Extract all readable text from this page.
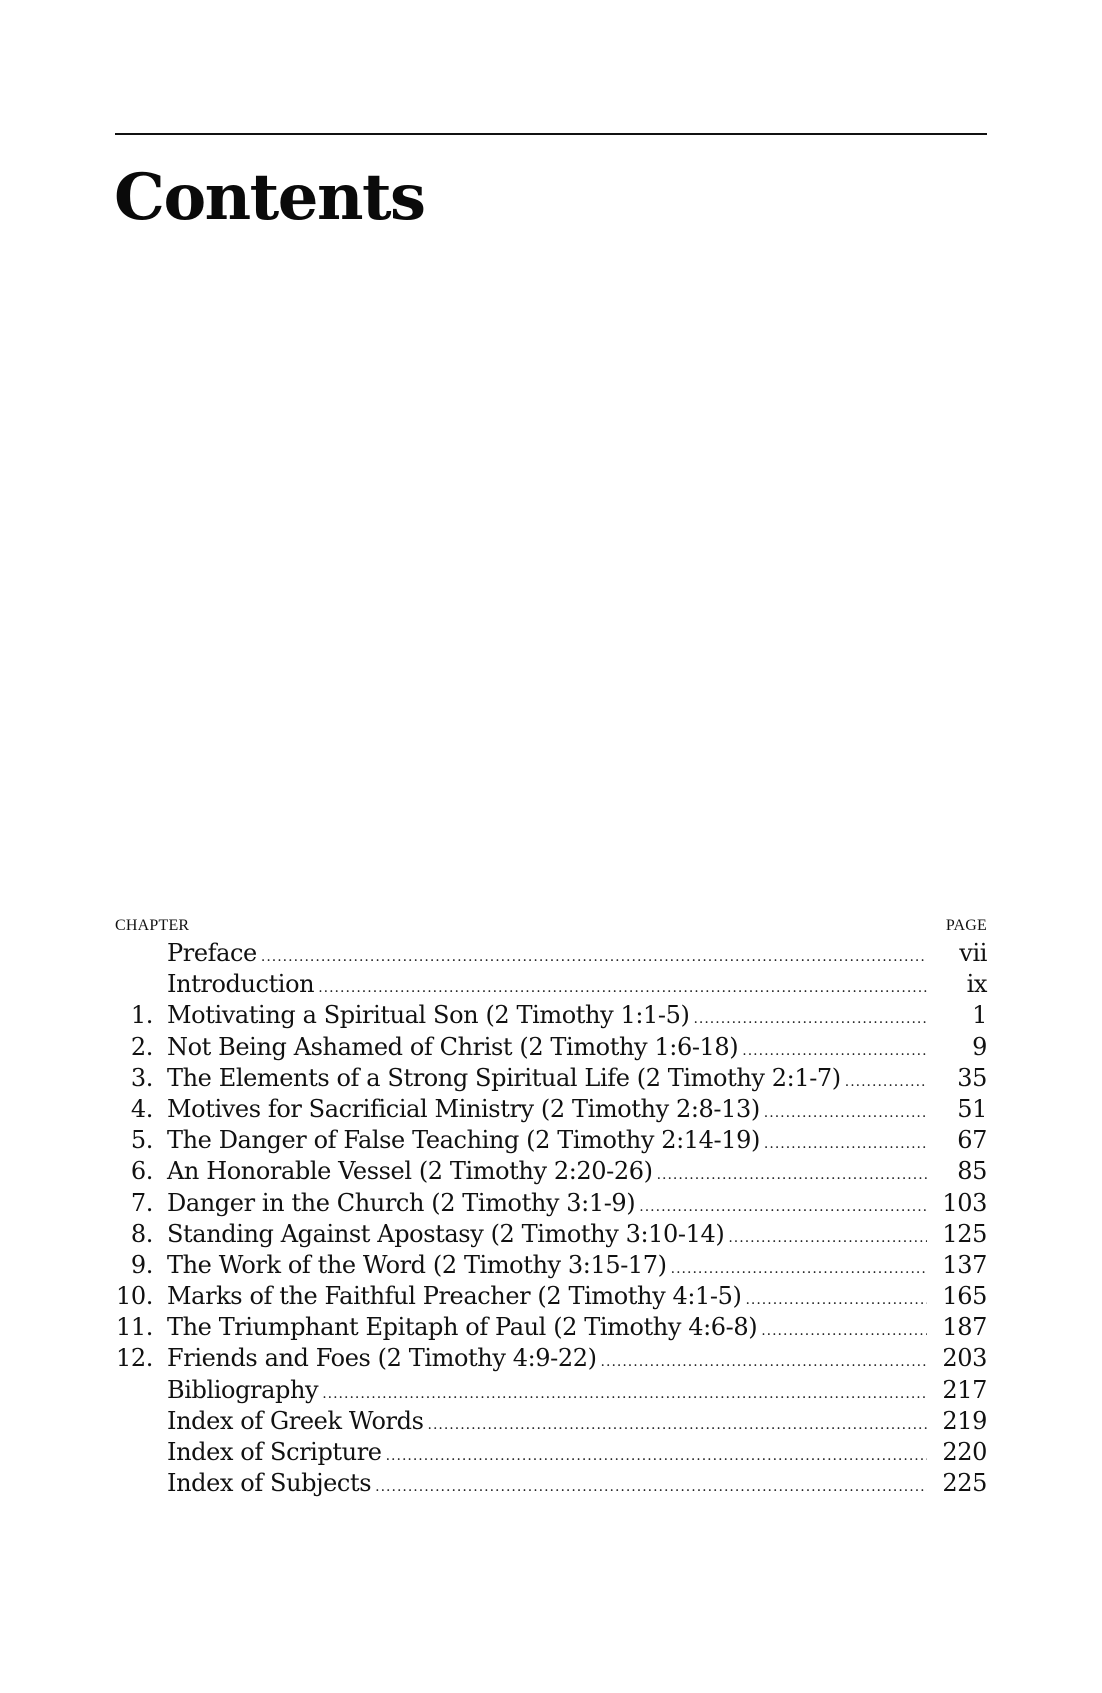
Contents
CHAPTER	PAGE
Preface .....	vii
Introduction .....	ix
1. Motivating a Spiritual Son (2 Timothy 1:1-5) .....	1
2. Not Being Ashamed of Christ (2 Timothy 1:6-18) .....	9
3. The Elements of a Strong Spiritual Life (2 Timothy 2:1-7) .....	35
4. Motives for Sacrificial Ministry (2 Timothy 2:8-13) .....	51
5. The Danger of False Teaching (2 Timothy 2:14-19) .....	67
6. An Honorable Vessel (2 Timothy 2:20-26) .....	85
7. Danger in the Church (2 Timothy 3:1-9) .....	103
8. Standing Against Apostasy (2 Timothy 3:10-14) .....	125
9. The Work of the Word (2 Timothy 3:15-17) .....	137
10. Marks of the Faithful Preacher (2 Timothy 4:1-5) .....	165
11. The Triumphant Epitaph of Paul (2 Timothy 4:6-8) .....	187
12. Friends and Foes (2 Timothy 4:9-22) .....	203
Bibliography .....	217
Index of Greek Words .....	219
Index of Scripture .....	220
Index of Subjects .....	225
